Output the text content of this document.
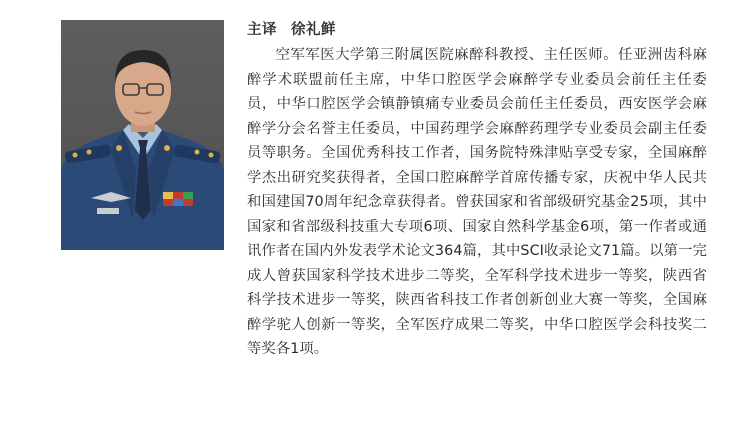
主译 徐礼鲜

空军军医大学第三附属医院麻醉科教授、主任医师。任亚洲齿科麻醉学术联盟前任主席，中华口腔医学会麻醉学专业委员会前任主任委员，中华口腔医学会镇静镇痛专业委员会前任主任委员，西安医学会麻醉学分会名誉主任委员，中国药理学会麻醉药理学专业委员会副主任委员等职务。全国优秀科技工作者，国务院特殊津贴享受专家，全国麻醉学杰出研究奖获得者，全国口腔麻醉学首席传播专家，庆祝中华人民共和国建国70周年纪念章获得者。曾获国家和省部级研究基金25项，其中国家和省部级科技重大专项6项、国家自然科学基金6项，第一作者或通讯作者在国内外发表学术论文364篇，其中SCI收录论文71篇。以第一完成人曾获国家科学技术进步二等奖，全军科学技术进步一等奖，陕西省科学技术进步一等奖，陕西省科技工作者创新创业大赛一等奖，全国麻醉学驼人创新一等奖，全军医疗成果二等奖，中华口腔医学会科技奖二等奖各1项。
